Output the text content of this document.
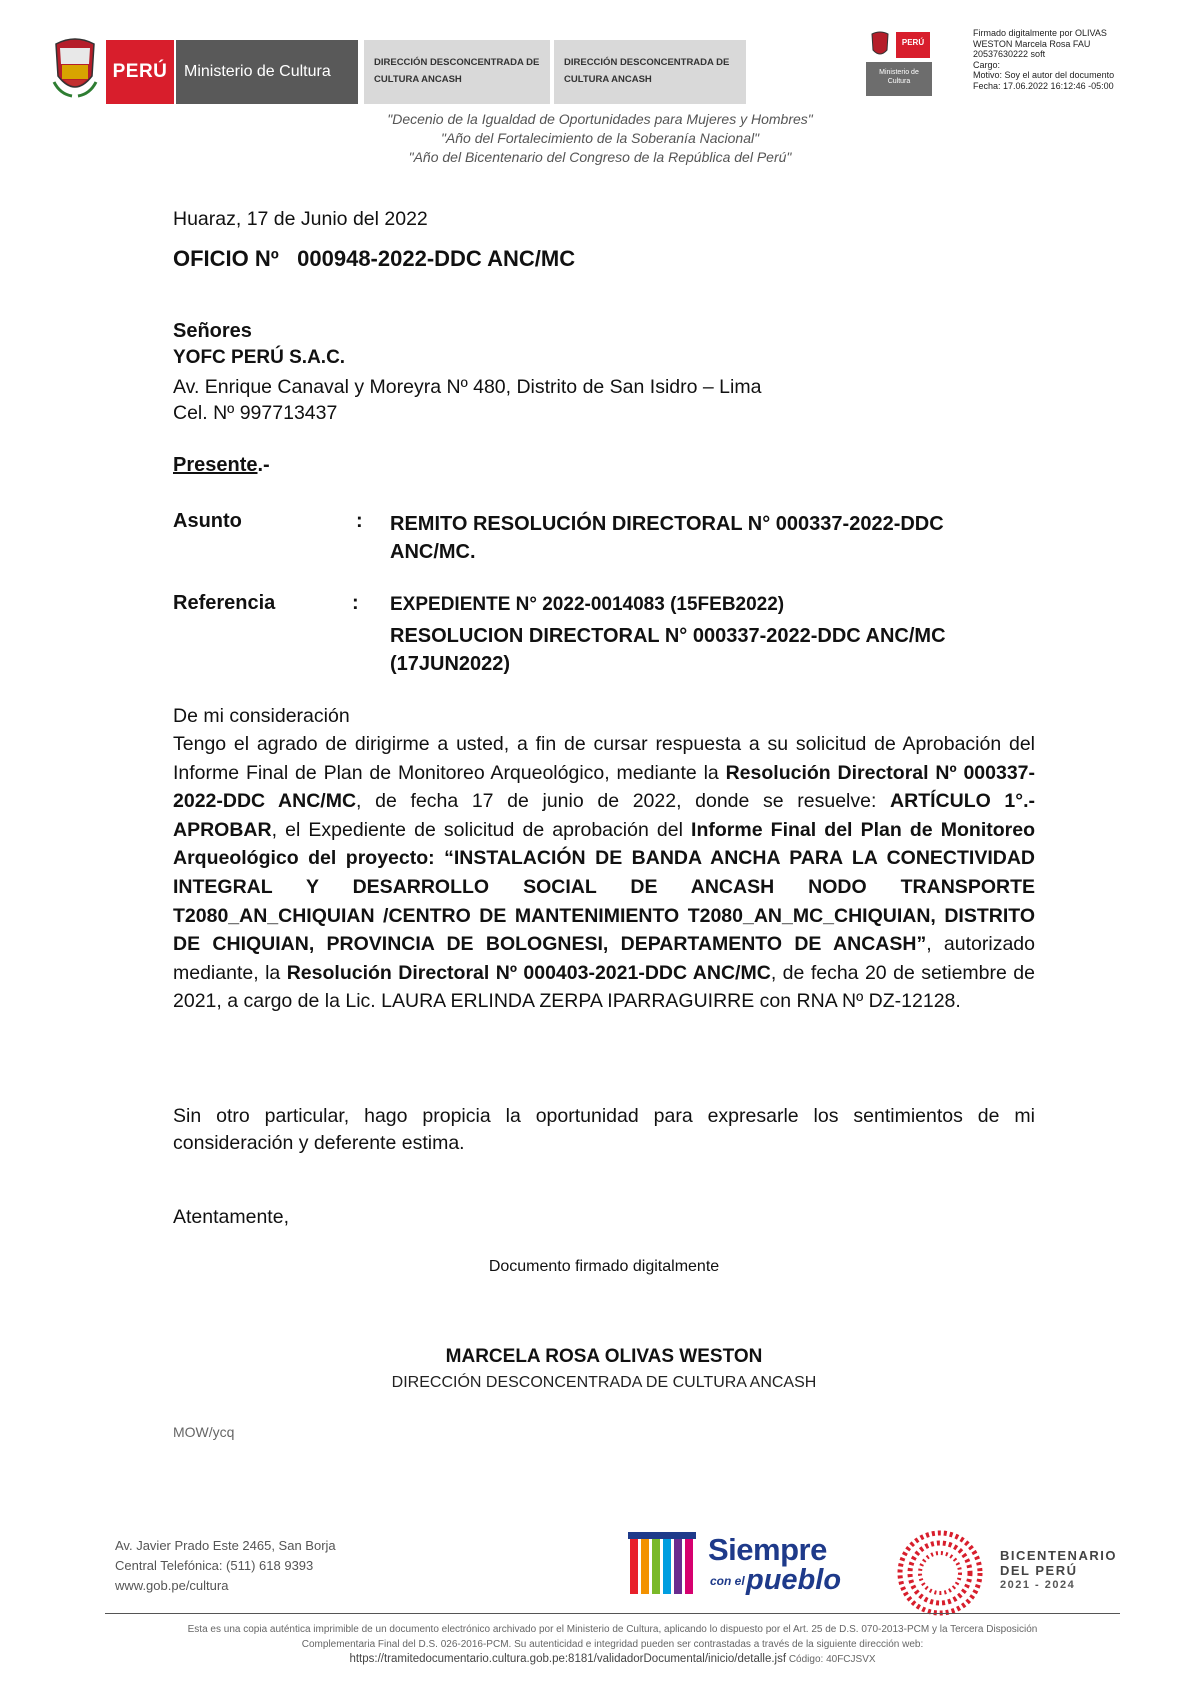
PERÚ	Ministerio de Cultura
DIRECCIÓN DESCONCENTRADA DE CULTURA ANCASH
DIRECCIÓN DESCONCENTRADA DE CULTURA ANCASH
PERÚ
Ministerio de Cultura
Firmado digitalmente por OLIVAS
WESTON Marcela Rosa FAU
20537630222 soft
Cargo:
Motivo: Soy el autor del documento
Fecha: 17.06.2022 16:12:46 -05:00
"Decenio de la Igualdad de Oportunidades para Mujeres y Hombres"
"Año del Fortalecimiento de la Soberanía Nacional"
"Año del Bicentenario del Congreso de la República del Perú"
Huaraz, 17 de Junio del 2022
OFICIO Nº   000948-2022-DDC ANC/MC
Señores
YOFC PERÚ S.A.C.
Av. Enrique Canaval y Moreyra Nº 480, Distrito de San Isidro – Lima
Cel. Nº 997713437
Presente.-
Asunto	: REMITO RESOLUCIÓN DIRECTORAL N° 000337-2022-DDC ANC/MC.
Referencia	: EXPEDIENTE N° 2022-0014083 (15FEB2022)
RESOLUCION DIRECTORAL N° 000337-2022-DDC ANC/MC (17JUN2022)
De mi consideración
Tengo el agrado de dirigirme a usted, a fin de cursar respuesta a su solicitud de Aprobación del Informe Final de Plan de Monitoreo Arqueológico, mediante la Resolución Directoral Nº 000337-2022-DDC ANC/MC, de fecha 17 de junio de 2022, donde se resuelve: ARTÍCULO 1°.- APROBAR, el Expediente de solicitud de aprobación del Informe Final del Plan de Monitoreo Arqueológico del proyecto: “INSTALACIÓN DE BANDA ANCHA PARA LA CONECTIVIDAD INTEGRAL Y DESARROLLO SOCIAL DE ANCASH NODO TRANSPORTE T2080_AN_CHIQUIAN /CENTRO DE MANTENIMIENTO T2080_AN_MC_CHIQUIAN, DISTRITO DE CHIQUIAN, PROVINCIA DE BOLOGNESI, DEPARTAMENTO DE ANCASH”, autorizado mediante, la Resolución Directoral Nº 000403-2021-DDC ANC/MC, de fecha 20 de setiembre de 2021, a cargo de la Lic. LAURA ERLINDA ZERPA IPARRAGUIRRE con RNA Nº DZ-12128.
Sin otro particular, hago propicia la oportunidad para expresarle los sentimientos de mi consideración y deferente estima.
Atentamente,
Documento firmado digitalmente
MARCELA ROSA OLIVAS WESTON
DIRECCIÓN DESCONCENTRADA DE CULTURA ANCASH
MOW/ycq
Av. Javier Prado Este 2465, San Borja
Central Telefónica: (511) 618 9393
www.gob.pe/cultura
Siempre
con el pueblo
BICENTENARIO
DEL PERÚ
2021 - 2024
Esta es una copia auténtica imprimible de un documento electrónico archivado por el Ministerio de Cultura, aplicando lo dispuesto por el Art. 25 de D.S. 070-2013-PCM y la Tercera Disposición
Complementaria Final del D.S. 026-2016-PCM. Su autenticidad e integridad pueden ser contrastadas a través de la siguiente dirección web:
https://tramitedocumentario.cultura.gob.pe:8181/validadorDocumental/inicio/detalle.jsf Código: 40FCJSVX
